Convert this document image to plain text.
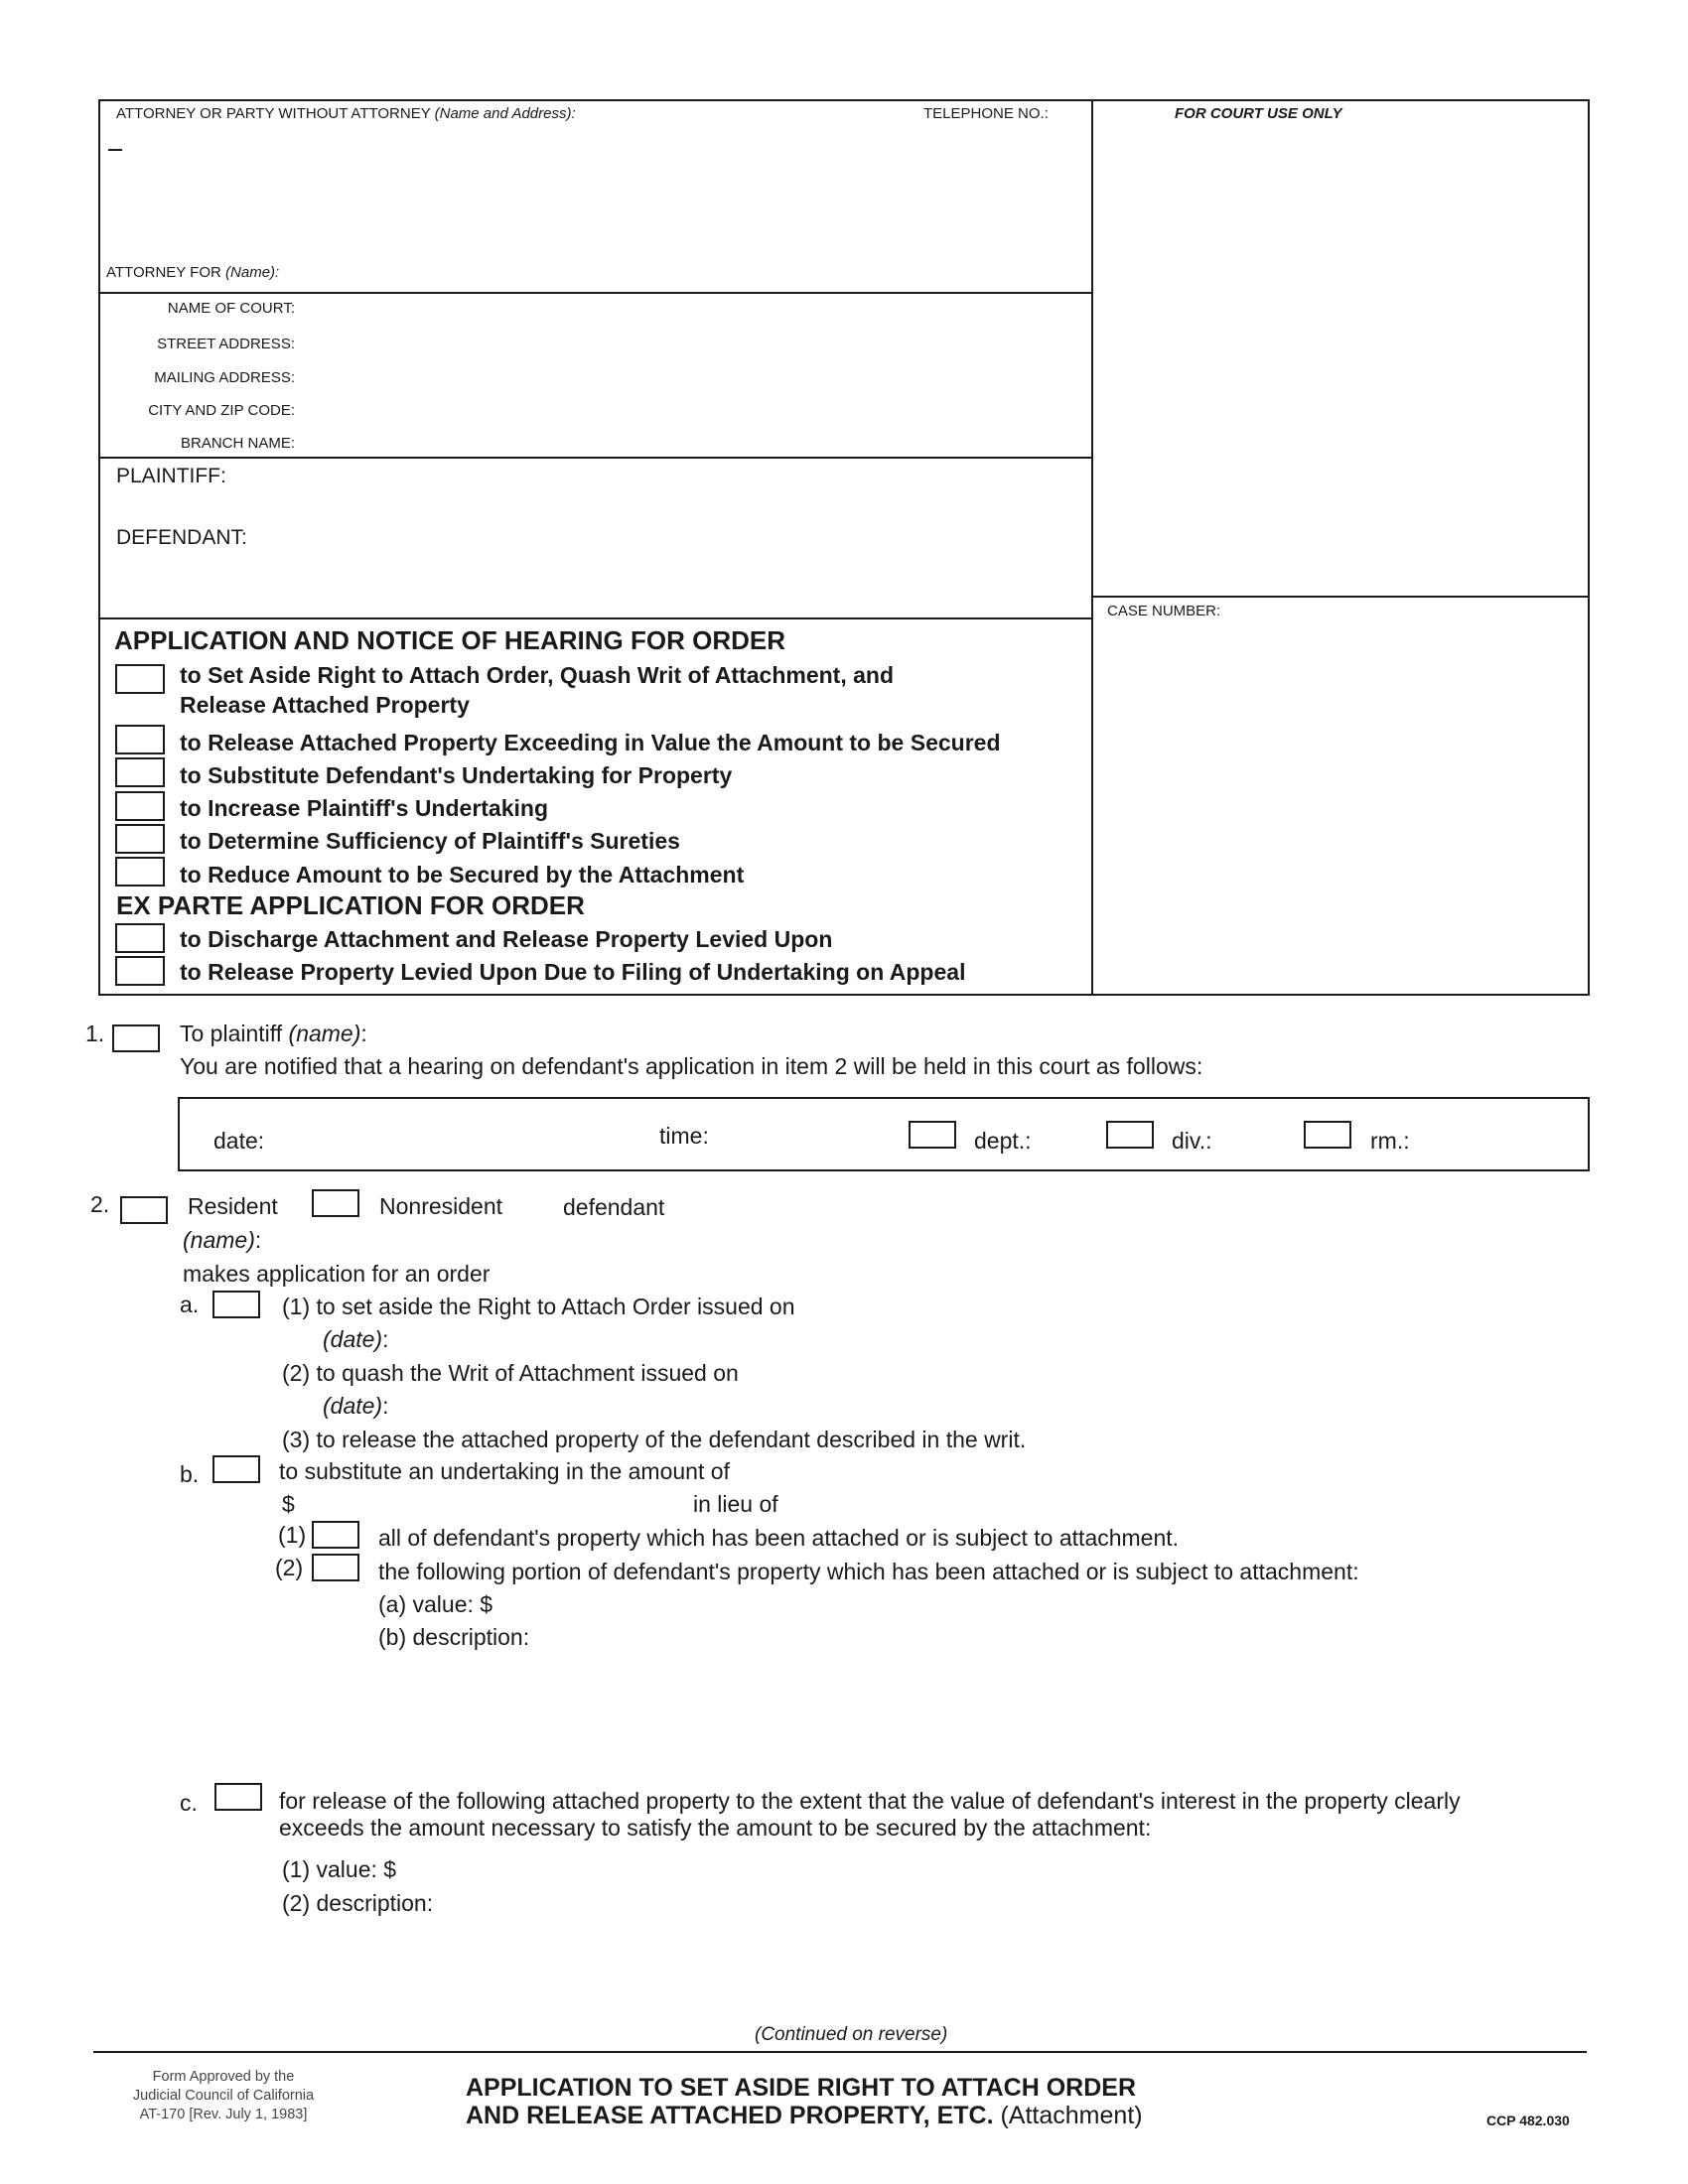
ATTORNEY OR PARTY WITHOUT ATTORNEY (Name and Address):	TELEPHONE NO.:	FOR COURT USE ONLY
ATTORNEY FOR (Name):
NAME OF COURT:
STREET ADDRESS:
MAILING ADDRESS:
CITY AND ZIP CODE:
BRANCH NAME:
PLAINTIFF:
DEFENDANT:
CASE NUMBER:
APPLICATION AND NOTICE OF HEARING FOR ORDER
to Set Aside Right to Attach Order, Quash Writ of Attachment, and
Release Attached Property
to Release Attached Property Exceeding in Value the Amount to be Secured
to Substitute Defendant's Undertaking for Property
to Increase Plaintiff's Undertaking
to Determine Sufficiency of Plaintiff's Sureties
to Reduce Amount to be Secured by the Attachment
EX PARTE APPLICATION FOR ORDER
to Discharge Attachment and Release Property Levied Upon
to Release Property Levied Upon Due to Filing of Undertaking on Appeal
1.	To plaintiff (name):
You are notified that a hearing on defendant's application in item 2 will be held in this court as follows:
date:	time:	dept.:	div.:	rm.:
2.	Resident	Nonresident	defendant
(name):
makes application for an order
a.	(1) to set aside the Right to Attach Order issued on
(date):
(2) to quash the Writ of Attachment issued on
(date):
(3) to release the attached property of the defendant described in the writ.
b.	to substitute an undertaking in the amount of
$	in lieu of
(1)	all of defendant's property which has been attached or is subject to attachment.
(2)	the following portion of defendant's property which has been attached or is subject to attachment:
(a) value: $
(b) description:
c.	for release of the following attached property to the extent that the value of defendant's interest in the property clearly
exceeds the amount necessary to satisfy the amount to be secured by the attachment:
(1) value: $
(2) description:
(Continued on reverse)
Form Approved by the
Judicial Council of California
AT-170 [Rev. July 1, 1983]
APPLICATION TO SET ASIDE RIGHT TO ATTACH ORDER
AND RELEASE ATTACHED PROPERTY, ETC. (Attachment)	CCP 482.030
